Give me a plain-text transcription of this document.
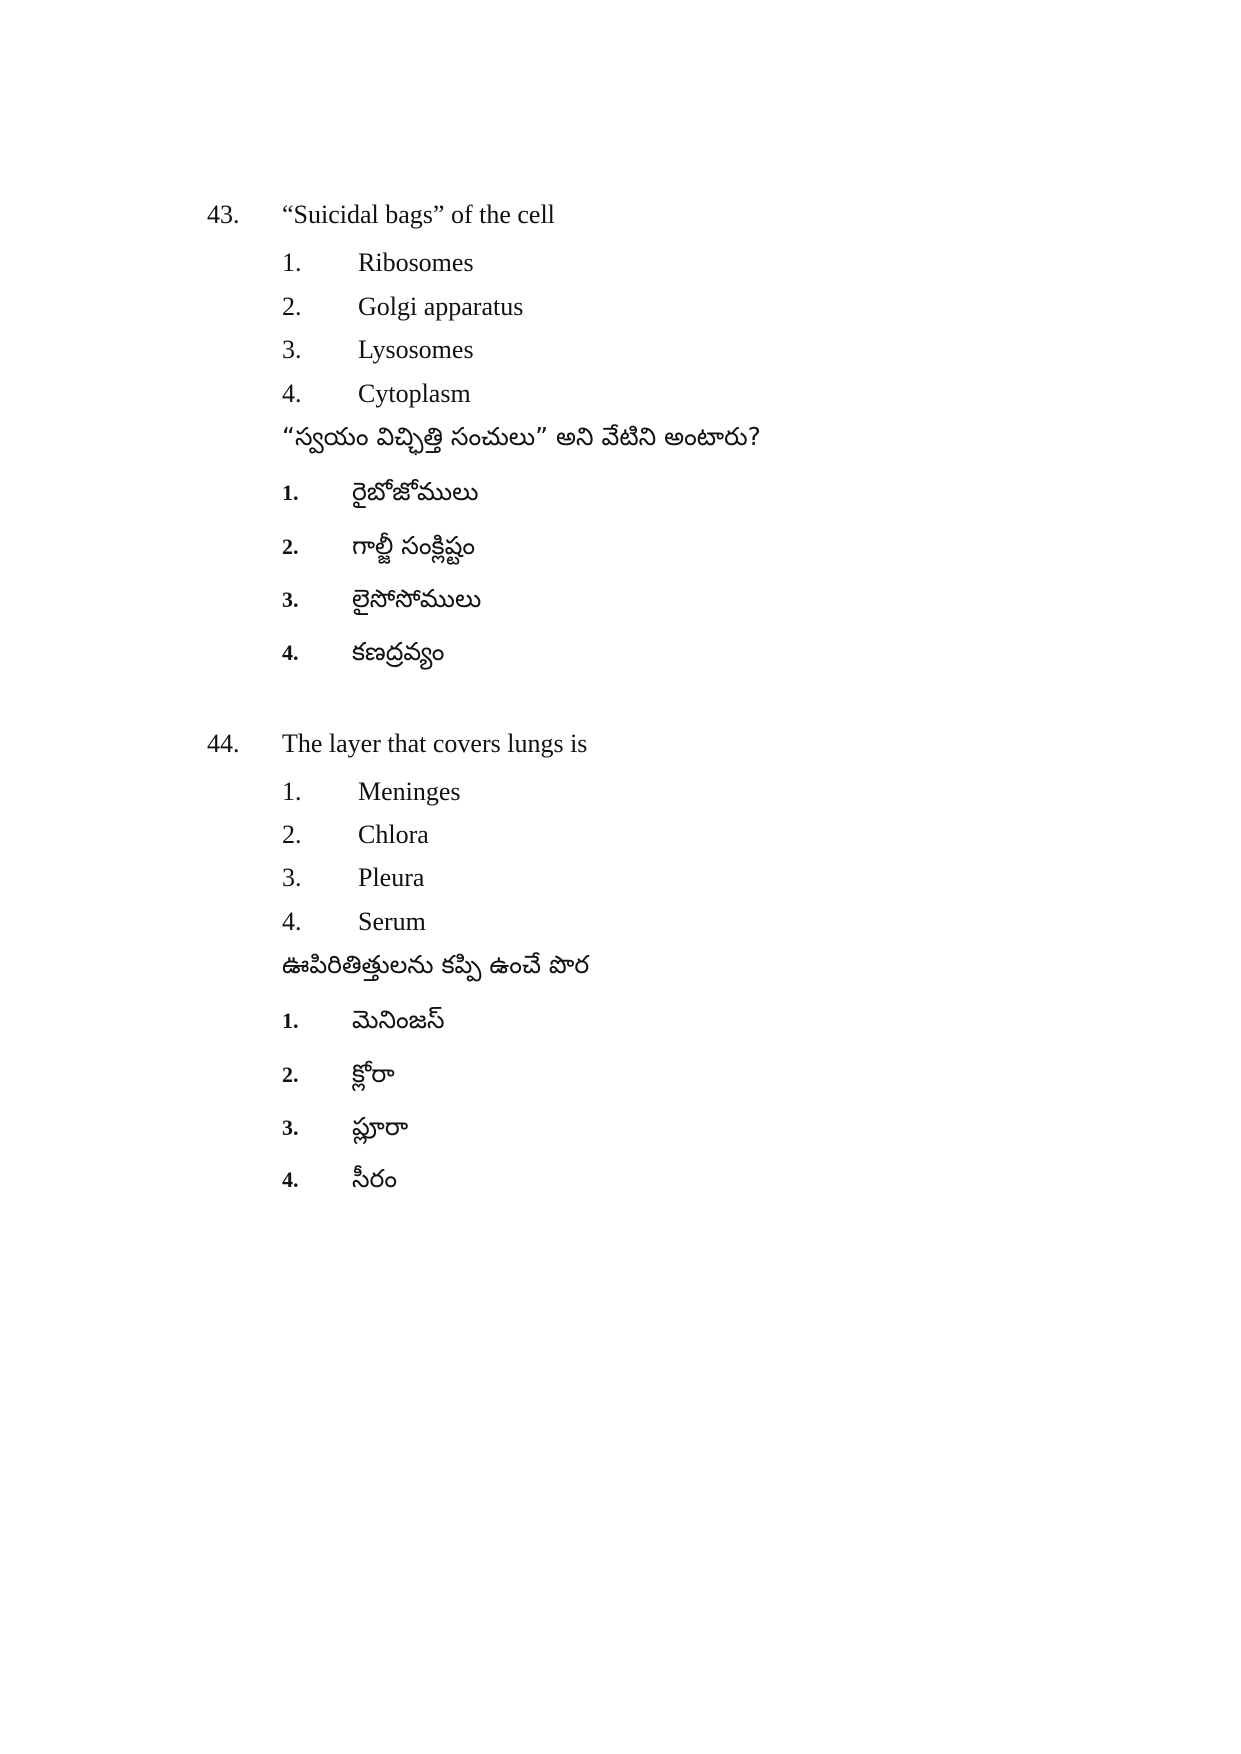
43. “Suicidal bags” of the cell
1. Ribosomes
2. Golgi apparatus
3. Lysosomes
4. Cytoplasm
“స్వయం విచ్ఛిత్తి సంచులు” అని వేటిని అంటారు?
1. రైబోజోములు
2. గాల్జీ సంక్లిష్టం
3. లైసోసోములు
4. కణద్రవ్యం
44. The layer that covers lungs is
1. Meninges
2. Chlora
3. Pleura
4. Serum
ఊపిరితిత్తులను కప్పి ఉంచే పొర
1. మెనింజస్
2. క్లోరా
3. ప్లూరా
4. సీరం
